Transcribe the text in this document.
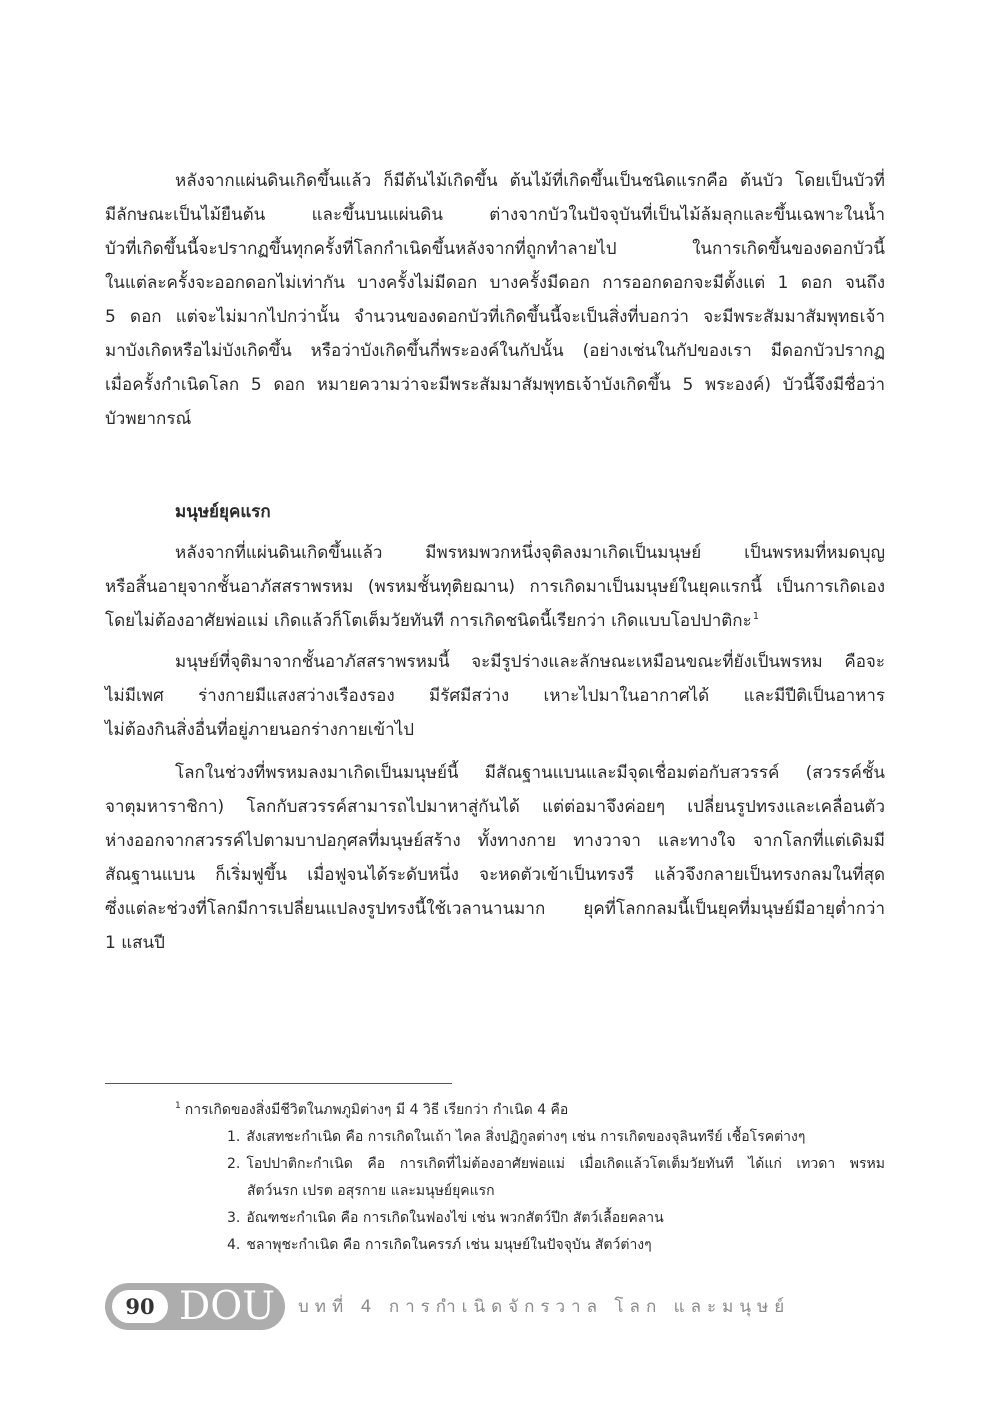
หลังจากแผ่นดินเกิดขึ้นแล้ว ก็มีต้นไม้เกิดขึ้น ต้นไม้ที่เกิดขึ้นเป็นชนิดแรกคือ ต้นบัว โดยเป็นบัวที่
มีลักษณะเป็นไม้ยืนต้น และขึ้นบนแผ่นดิน ต่างจากบัวในปัจจุบันที่เป็นไม้ล้มลุกและขึ้นเฉพาะในน้ำ
บัวที่เกิดขึ้นนี้จะปรากฏขึ้นทุกครั้งที่โลกกำเนิดขึ้นหลังจากที่ถูกทำลายไป ในการเกิดขึ้นของดอกบัวนี้
ในแต่ละครั้งจะออกดอกไม่เท่ากัน บางครั้งไม่มีดอก บางครั้งมีดอก การออกดอกจะมีตั้งแต่ 1 ดอก จนถึง
5 ดอก แต่จะไม่มากไปกว่านั้น จำนวนของดอกบัวที่เกิดขึ้นนี้จะเป็นสิ่งที่บอกว่า จะมีพระสัมมาสัมพุทธเจ้า
มาบังเกิดหรือไม่บังเกิดขึ้น หรือว่าบังเกิดขึ้นกี่พระองค์ในกัปนั้น (อย่างเช่นในกัปของเรา มีดอกบัวปรากฏ
เมื่อครั้งกำเนิดโลก 5 ดอก หมายความว่าจะมีพระสัมมาสัมพุทธเจ้าบังเกิดขึ้น 5 พระองค์) บัวนี้จึงมีชื่อว่า
บัวพยากรณ์
มนุษย์ยุคแรก
หลังจากที่แผ่นดินเกิดขึ้นแล้ว มีพรหมพวกหนึ่งจุติลงมาเกิดเป็นมนุษย์ เป็นพรหมที่หมดบุญ
หรือสิ้นอายุจากชั้นอาภัสสราพรหม (พรหมชั้นทุติยฌาน) การเกิดมาเป็นมนุษย์ในยุคแรกนี้ เป็นการเกิดเอง
โดยไม่ต้องอาศัยพ่อแม่ เกิดแล้วก็โตเต็มวัยทันที การเกิดชนิดนี้เรียกว่า เกิดแบบโอปปาติกะ$^1$
มนุษย์ที่จุติมาจากชั้นอาภัสสราพรหมนี้ จะมีรูปร่างและลักษณะเหมือนขณะที่ยังเป็นพรหม คือจะ
ไม่มีเพศ ร่างกายมีแสงสว่างเรืองรอง มีรัศมีสว่าง เหาะไปมาในอากาศได้ และมีปีติเป็นอาหาร
ไม่ต้องกินสิ่งอื่นที่อยู่ภายนอกร่างกายเข้าไป
โลกในช่วงที่พรหมลงมาเกิดเป็นมนุษย์นี้ มีสัณฐานแบนและมีจุดเชื่อมต่อกับสวรรค์ (สวรรค์ชั้น
จาตุมหาราชิกา) โลกกับสวรรค์สามารถไปมาหาสู่กันได้ แต่ต่อมาจึงค่อยๆ เปลี่ยนรูปทรงและเคลื่อนตัว
ห่างออกจากสวรรค์ไปตามบาปอกุศลที่มนุษย์สร้าง ทั้งทางกาย ทางวาจา และทางใจ จากโลกที่แต่เดิมมี
สัณฐานแบน ก็เริ่มฟูขึ้น เมื่อฟูจนได้ระดับหนึ่ง จะหดตัวเข้าเป็นทรงรี แล้วจึงกลายเป็นทรงกลมในที่สุด
ซึ่งแต่ละช่วงที่โลกมีการเปลี่ยนแปลงรูปทรงนี้ใช้เวลานานมาก ยุคที่โลกกลมนี้เป็นยุคที่มนุษย์มีอายุต่ำกว่า
1 แสนปี
$^1$ การเกิดของสิ่งมีชีวิตในภพภูมิต่างๆ มี 4 วิธี เรียกว่า กำเนิด 4 คือ
1. สังเสทชะกำเนิด คือ การเกิดในเถ้า ไคล สิ่งปฏิกูลต่างๆ เช่น การเกิดของจุลินทรีย์ เชื้อโรคต่างๆ
2. โอปปาติกะกำเนิด คือ การเกิดที่ไม่ต้องอาศัยพ่อแม่ เมื่อเกิดแล้วโตเต็มวัยทันที ได้แก่ เทวดา พรหม
สัตว์นรก เปรต อสุรกาย และมนุษย์ยุคแรก
3. อัณฑชะกำเนิด คือ การเกิดในฟองไข่ เช่น พวกสัตว์ปีก สัตว์เลื้อยคลาน
4. ชลาพุชะกำเนิด คือ การเกิดในครรภ์ เช่น มนุษย์ในปัจจุบัน สัตว์ต่างๆ
90 DOU	บทที่ 4 การกำเนิดจักรวาล โลก และมนุษย์
